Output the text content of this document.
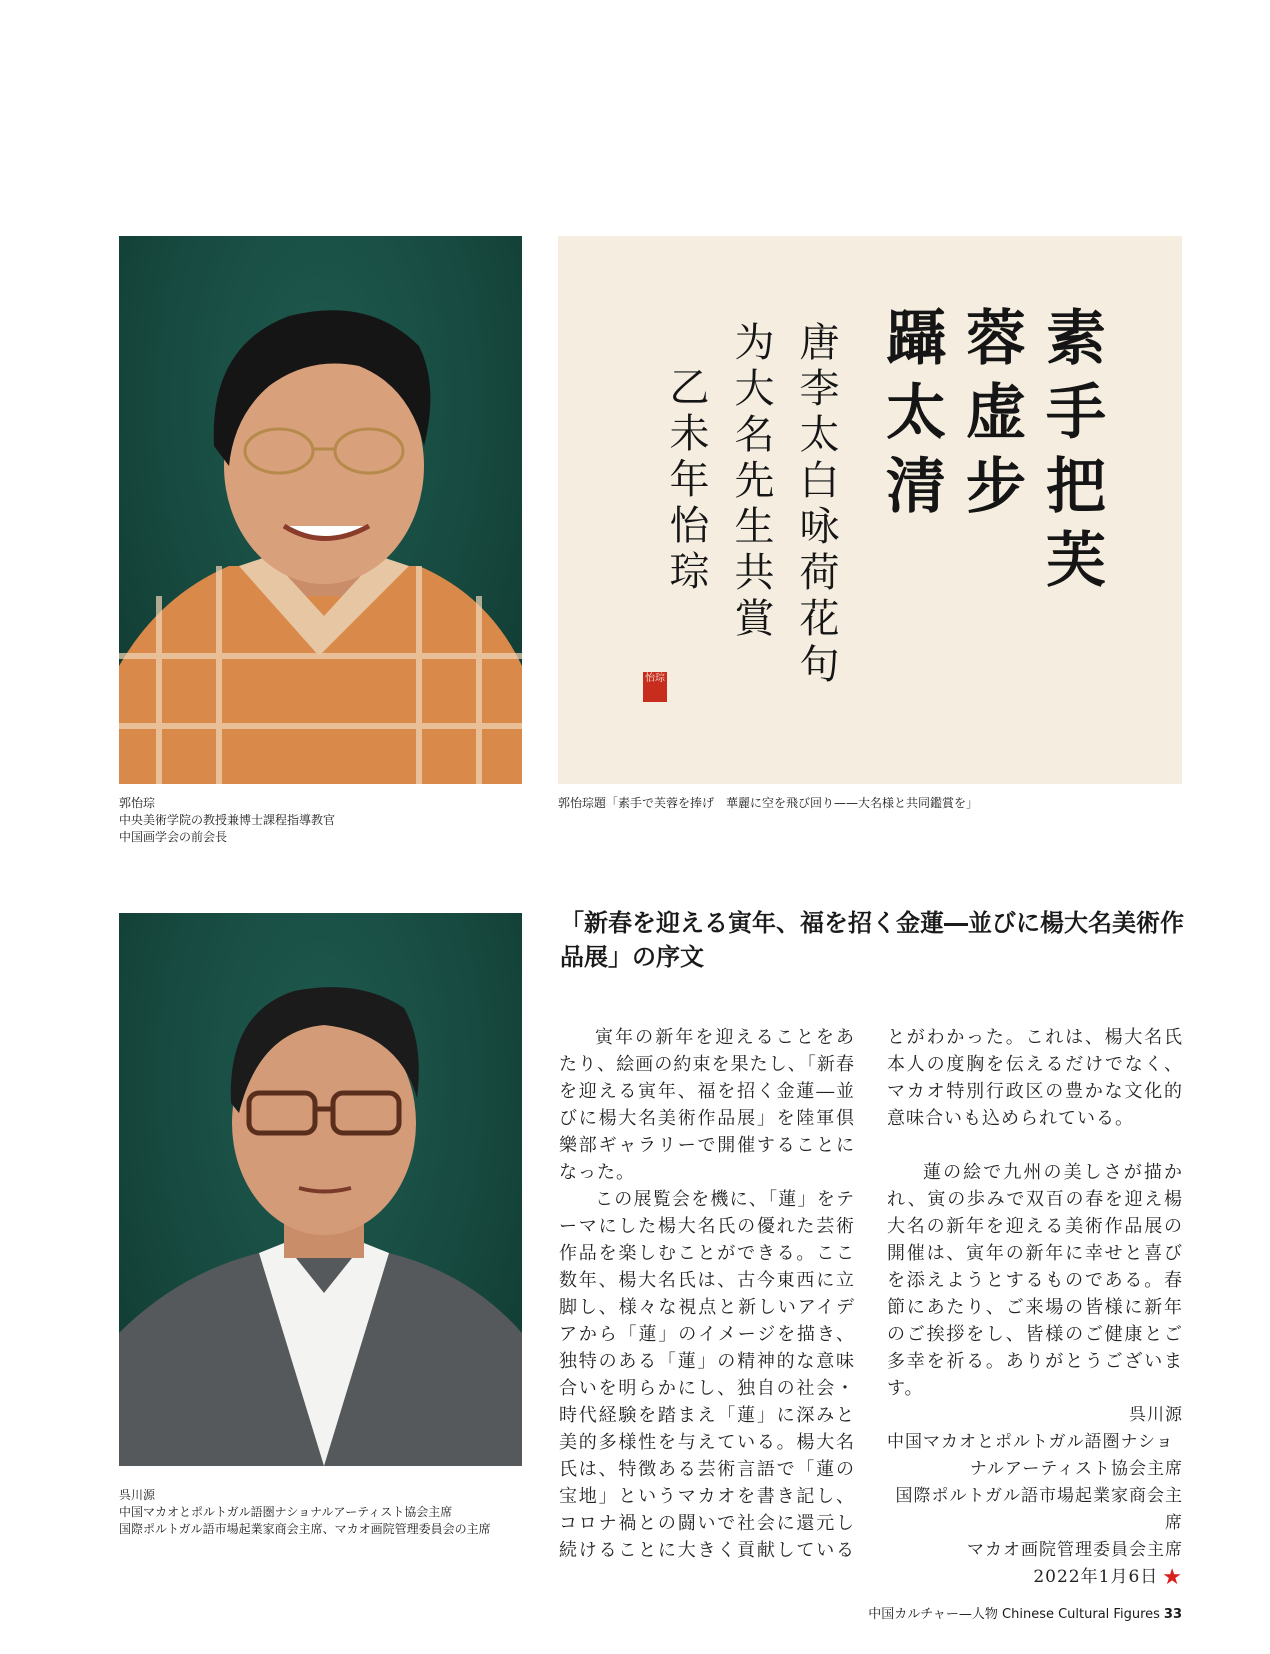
素手把芙
蓉虚步
躡太清
唐李太白咏荷花句
为大名先生共賞
乙未年怡琮
怡琮
郭怡琮
中央美術学院の教授兼博士課程指導教官
中国画学会の前会長
郭怡琮題「素手で芙蓉を捧げ　華麗に空を飛び回り——大名様と共同鑑賞を」
呉川源
中国マカオとポルトガル語圏ナショナルアーティスト協会主席
国際ポルトガル語市場起業家商会主席、マカオ画院管理委員会の主席
「新春を迎える寅年、福を招く金蓮―並びに楊大名美術作品展」の序文

寅年の新年を迎えることをあたり、絵画の約束を果たし、「新春を迎える寅年、福を招く金蓮―並びに楊大名美術作品展」を陸軍倶樂部ギャラリーで開催することになった。

この展覧会を機に、「蓮」をテーマにした楊大名氏の優れた芸術作品を楽しむことができる。ここ数年、楊大名氏は、古今東西に立脚し、様々な視点と新しいアイデアから「蓮」のイメージを描き、独特のある「蓮」の精神的な意味合いを明らかにし、独自の社会・時代経験を踏まえ「蓮」に深みと美的多様性を与えている。楊大名氏は、特徴ある芸術言語で「蓮の宝地」というマカオを書き記し、コロナ禍との闘いで社会に還元し続けることに大きく貢献している

とがわかった。これは、楊大名氏本人の度胸を伝えるだけでなく、マカオ特別行政区の豊かな文化的意味合いも込められている。

蓮の絵で九州の美しさが描かれ、寅の歩みで双百の春を迎え楊大名の新年を迎える美術作品展の開催は、寅年の新年に幸せと喜びを添えようとするものである。春節にあたり、ご来場の皆様に新年のご挨拶をし、皆様のご健康とご多幸を祈る。ありがとうございます。

呉川源
中国マカオとポルトガル語圏ナショ
ナルアーティスト協会主席
国際ポルトガル語市場起業家商会主席
マカオ画院管理委員会主席
2022年1月6日 ★
中国カルチャー—人物 Chinese Cultural Figures 33
